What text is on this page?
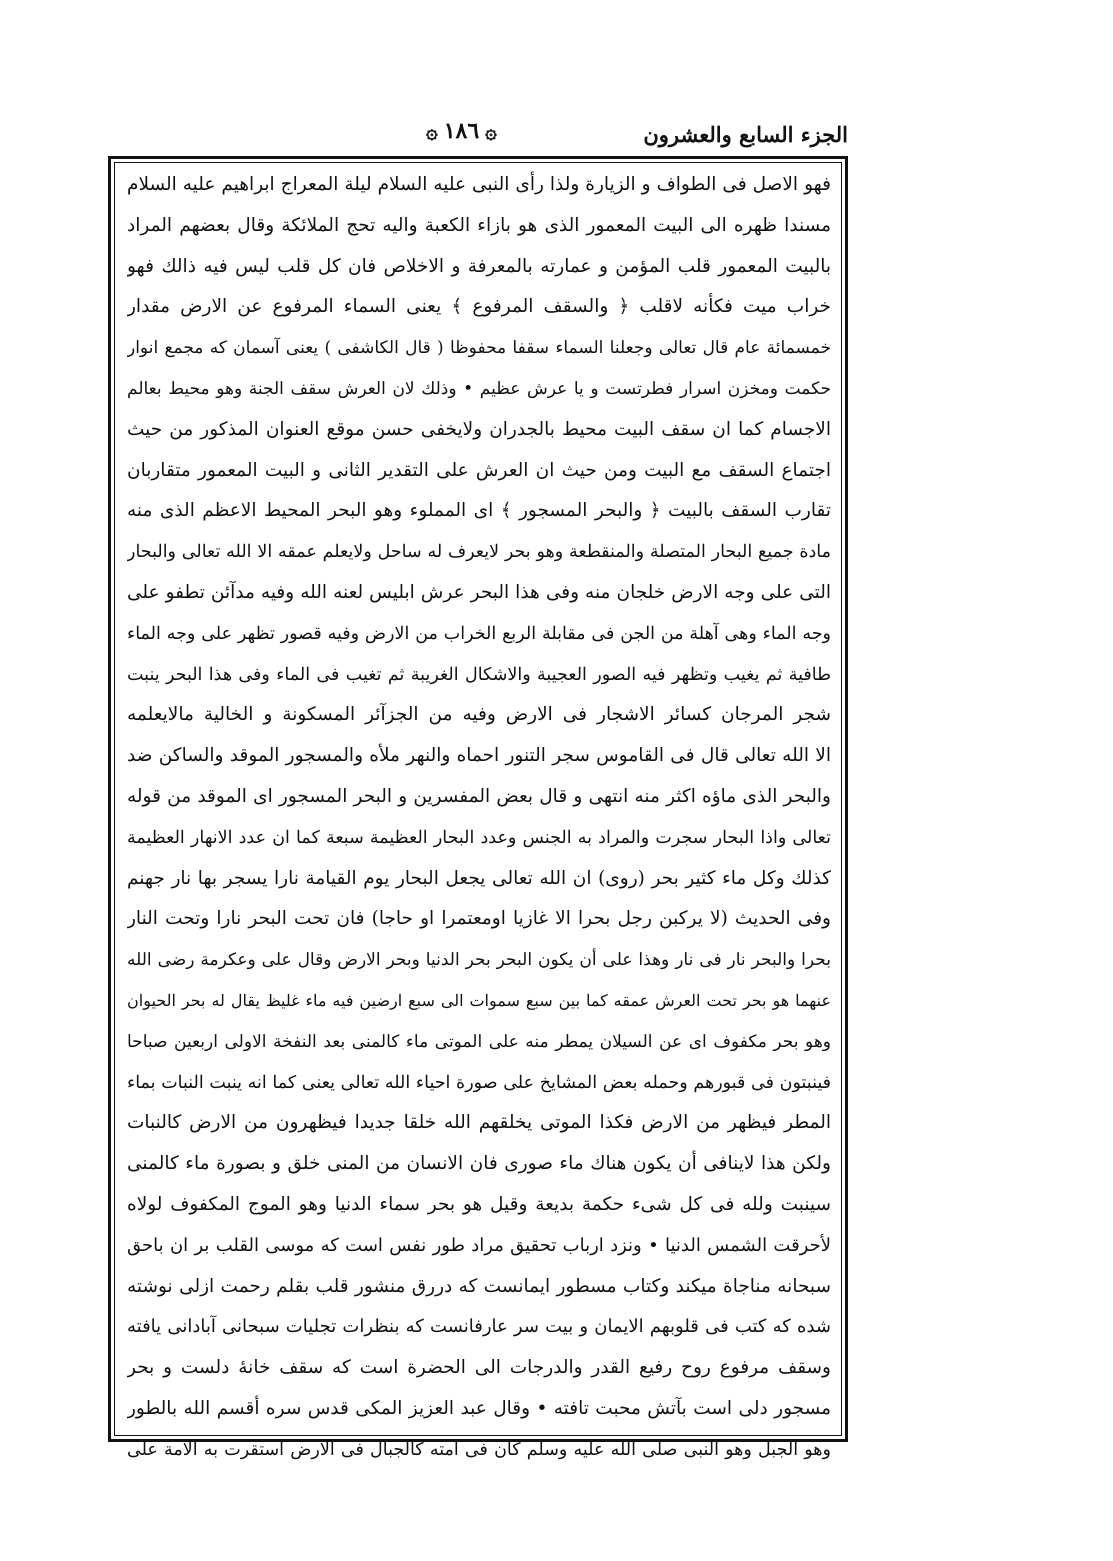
الجزء السابع والعشرون
۞ ١٨٦ ۞
فهو الاصل فى الطواف و الزيارة ولذا رأى النبى عليه السلام ليلة المعراج ابراهيم عليه السلام
مسندا ظهره الى البيت المعمور الذى هو بازاء الكعبة واليه تحج الملائكة وقال بعضهم المراد
بالبيت المعمور قلب المؤمن و عمارته بالمعرفة و الاخلاص فان كل قلب ليس فيه ذالك فهو
خراب ميت فكأنه لاقلب ﴿ والسقف المرفوع ﴾ يعنى السماء المرفوع عن الارض مقدار
خمسمائة عام قال تعالى وجعلنا السماء سقفا محفوظا ( قال الكاشفى ) يعنى آسمان كه مجمع انوار
حكمت ومخزن اسرار فطرتست و يا عرش عظيم • وذلك لان العرش سقف الجنة وهو محيط بعالم
الاجسام كما ان سقف البيت محيط بالجدران ولايخفى حسن موقع العنوان المذكور من حيث
اجتماع السقف مع البيت ومن حيث ان العرش على التقدير الثانى و البيت المعمور متقاربان
تقارب السقف بالبيت ﴿ والبحر المسجور ﴾ اى المملوء وهو البحر المحيط الاعظم الذى منه
مادة جميع البحار المتصلة والمنقطعة وهو بحر لايعرف له ساحل ولايعلم عمقه الا الله تعالى والبحار
التى على وجه الارض خلجان منه وفى هذا البحر عرش ابليس لعنه الله وفيه مدآئن تطفو على
وجه الماء وهى آهلة من الجن فى مقابلة الربع الخراب من الارض وفيه قصور تظهر على وجه الماء
طافية ثم يغيب وتظهر فيه الصور العجيبة والاشكال الغريبة ثم تغيب فى الماء وفى هذا البحر ينبت
شجر المرجان كسائر الاشجار فى الارض وفيه من الجزآئر المسكونة و الخالية مالايعلمه
الا الله تعالى قال فى القاموس سجر التنور احماه والنهر ملأه والمسجور الموقد والساكن ضد
والبحر الذى ماؤه اكثر منه انتهى و قال بعض المفسرين و البحر المسجور اى الموقد من قوله
تعالى واذا البحار سجرت والمراد به الجنس وعدد البحار العظيمة سبعة كما ان عدد الانهار العظيمة
كذلك وكل ماء كثير بحر (روى) ان الله تعالى يجعل البحار يوم القيامة نارا يسجر بها نار جهنم
وفى الحديث (لا يركبن رجل بحرا الا غازيا اومعتمرا او حاجا) فان تحت البحر نارا وتحت النار
بحرا والبحر نار فى نار وهذا على أن يكون البحر بحر الدنيا وبحر الارض وقال على وعكرمة رضى الله
عنهما هو بحر تحت العرش عمقه كما بين سبع سموات الى سبع ارضين فيه ماء غليظ يقال له بحر الحيوان
وهو بحر مكفوف اى عن السيلان يمطر منه على الموتى ماء كالمنى بعد النفخة الاولى اربعين صباحا
فينبتون فى قبورهم وحمله بعض المشايخ على صورة احياء الله تعالى يعنى كما انه ينبت النبات بماء
المطر فيظهر من الارض فكذا الموتى يخلقهم الله خلقا جديدا فيظهرون من الارض كالنبات
ولكن هذا لاينافى أن يكون هناك ماء صورى فان الانسان من المنى خلق و بصورة ماء كالمنى
سينبت ولله فى كل شىء حكمة بديعة وقيل هو بحر سماء الدنيا وهو الموج المكفوف لولاه
لأحرقت الشمس الدنيا • ونزد ارباب تحقيق مراد طور نفس است كه موسى القلب بر ان باحق
سبحانه مناجاة ميكند وكتاب مسطور ايمانست كه دررق منشور قلب بقلم رحمت ازلى نوشته
شده كه كتب فى قلوبهم الايمان و بيت سر عارفانست كه بنظرات تجليات سبحانى آبادانى يافته
وسقف مرفوع روح رفيع القدر والدرجات الى الحضرة است كه سقف خانهٔ دلست و بحر
مسجور دلى است بآتش محبت تافته • وقال عبد العزيز المكى قدس سره أقسم الله بالطور
وهو الجبل وهو النبى صلى الله عليه وسلم كان فى امته كالجبال فى الارض استقرت به الامة على
